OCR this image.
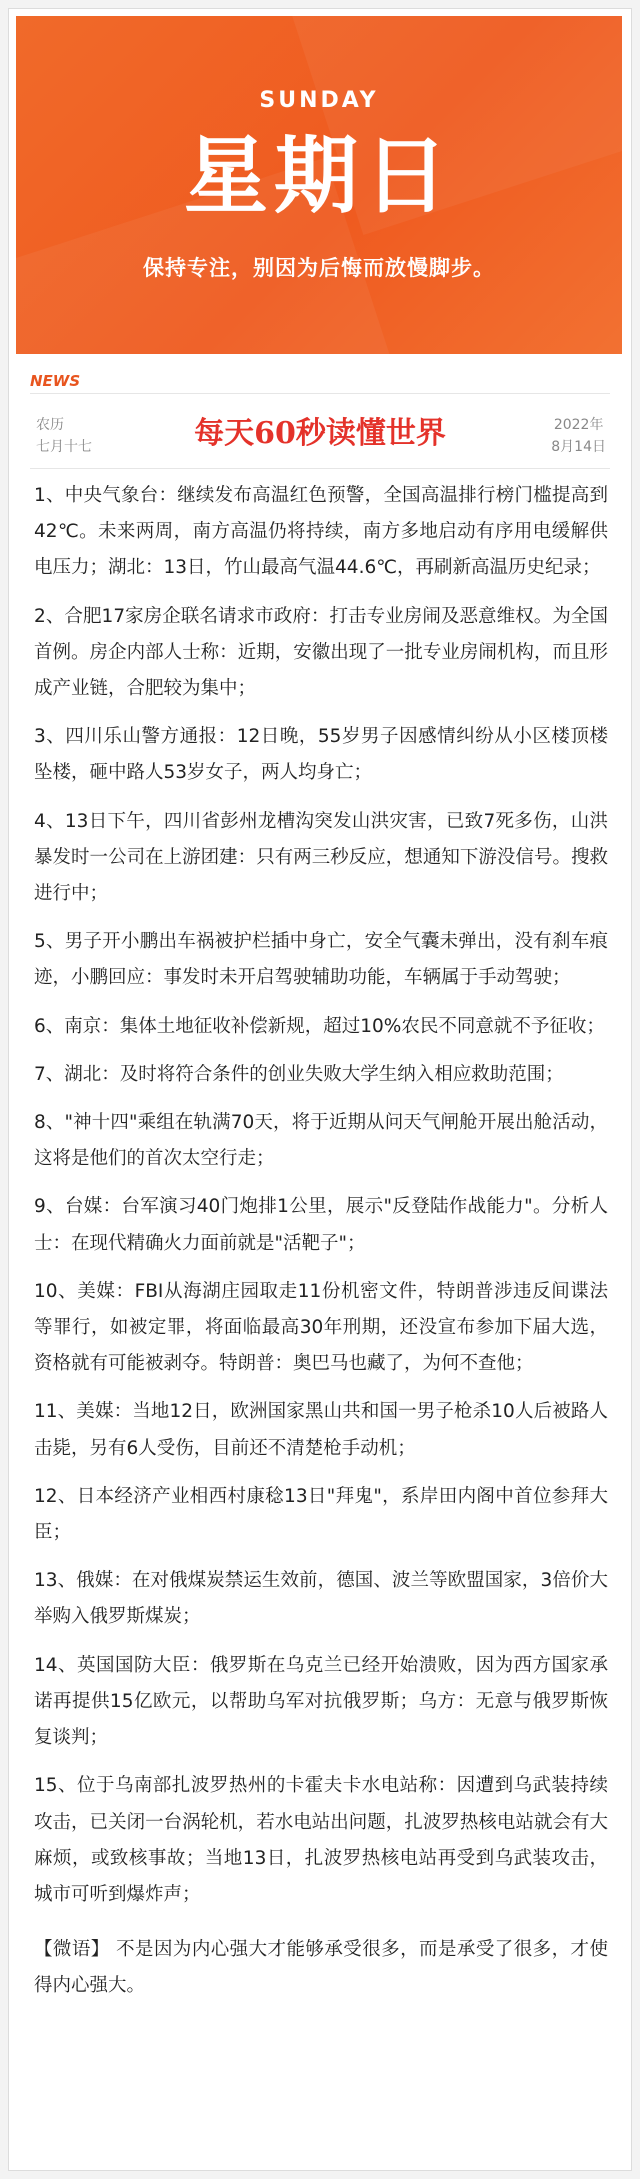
SUNDAY
星期日
保持专注，别因为后悔而放慢脚步。
NEWS
农历
七月十七	每天60秒读懂世界	2022年
8月14日

1、中央气象台：继续发布高温红色预警，全国高温排行榜门槛提高到42℃。未来两周，南方高温仍将持续，南方多地启动有序用电缓解供电压力；湖北：13日，竹山最高气温44.6℃，再刷新高温历史纪录；

2、合肥17家房企联名请求市政府：打击专业房闹及恶意维权。为全国首例。房企内部人士称：近期，安徽出现了一批专业房闹机构，而且形成产业链，合肥较为集中；

3、四川乐山警方通报：12日晚，55岁男子因感情纠纷从小区楼顶楼坠楼，砸中路人53岁女子，两人均身亡；

4、13日下午，四川省彭州龙槽沟突发山洪灾害，已致7死多伤，山洪暴发时一公司在上游团建：只有两三秒反应，想通知下游没信号。搜救进行中；

5、男子开小鹏出车祸被护栏插中身亡，安全气囊未弹出，没有刹车痕迹，小鹏回应：事发时未开启驾驶辅助功能，车辆属于手动驾驶；

6、南京：集体土地征收补偿新规，超过10%农民不同意就不予征收；

7、湖北：及时将符合条件的创业失败大学生纳入相应救助范围；

8、"神十四"乘组在轨满70天，将于近期从问天气闸舱开展出舱活动，这将是他们的首次太空行走；

9、台媒：台军演习40门炮排1公里，展示"反登陆作战能力"。分析人士：在现代精确火力面前就是"活靶子"；

10、美媒：FBI从海湖庄园取走11份机密文件，特朗普涉违反间谍法等罪行，如被定罪，将面临最高30年刑期，还没宣布参加下届大选，资格就有可能被剥夺。特朗普：奥巴马也藏了，为何不查他；

11、美媒：当地12日，欧洲国家黑山共和国一男子枪杀10人后被路人击毙，另有6人受伤，目前还不清楚枪手动机；

12、日本经济产业相西村康稔13日"拜鬼"，系岸田内阁中首位参拜大臣；

13、俄媒：在对俄煤炭禁运生效前，德国、波兰等欧盟国家，3倍价大举购入俄罗斯煤炭；

14、英国国防大臣：俄罗斯在乌克兰已经开始溃败，因为西方国家承诺再提供15亿欧元，以帮助乌军对抗俄罗斯；乌方：无意与俄罗斯恢复谈判；

15、位于乌南部扎波罗热州的卡霍夫卡水电站称：因遭到乌武装持续攻击，已关闭一台涡轮机，若水电站出问题，扎波罗热核电站就会有大麻烦，或致核事故；当地13日，扎波罗热核电站再受到乌武装攻击，城市可听到爆炸声；

【微语】 不是因为内心强大才能够承受很多，而是承受了很多，才使得内心强大。
